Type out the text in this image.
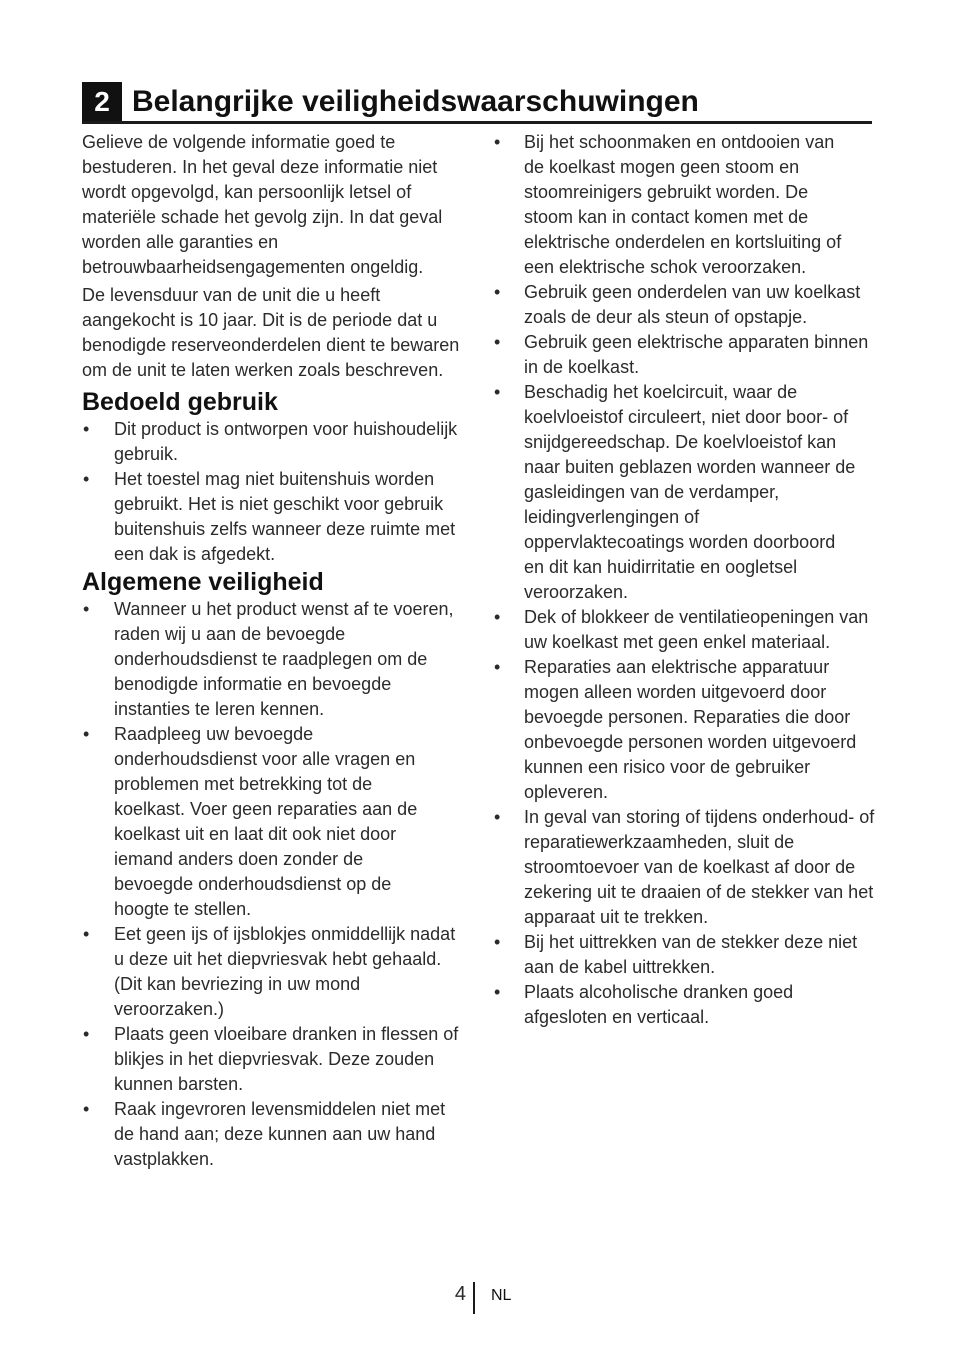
2 Belangrijke veiligheidswaarschuwingen

Gelieve de volgende informatie goed te bestuderen. In het geval deze informatie niet wordt opgevolgd, kan persoonlijk letsel of materiële schade het gevolg zijn. In dat geval worden alle garanties en betrouwbaarheidsengagementen ongeldig.

De levensduur van de unit die u heeft aangekocht is 10 jaar. Dit is de periode dat u benodigde reserveonderdelen dient te bewaren om de unit te laten werken zoals beschreven.

Bedoeld gebruik
• Dit product is ontworpen voor huishoudelijk gebruik.
• Het toestel mag niet buitenshuis worden gebruikt. Het is niet geschikt voor gebruik buitenshuis zelfs wanneer deze ruimte met een dak is afgedekt.
Algemene veiligheid
• Wanneer u het product wenst af te voeren, raden wij u aan de bevoegde onderhoudsdienst te raadplegen om de benodigde informatie en bevoegde instanties te leren kennen.
• Raadpleeg uw bevoegde onderhoudsdienst voor alle vragen en problemen met betrekking tot de koelkast. Voer geen reparaties aan de koelkast uit en laat dit ook niet door iemand anders doen zonder de bevoegde onderhoudsdienst op de hoogte te stellen.
• Eet geen ijs of ijsblokjes onmiddellijk nadat u deze uit het diepvriesvak hebt gehaald. (Dit kan bevriezing in uw mond veroorzaken.)
• Plaats geen vloeibare dranken in flessen of blikjes in het diepvriesvak. Deze zouden kunnen barsten.
• Raak ingevroren levensmiddelen niet met de hand aan; deze kunnen aan uw hand vastplakken.
• Bij het schoonmaken en ontdooien van de koelkast mogen geen stoom en stoomreinigers gebruikt worden. De stoom kan in contact komen met de elektrische onderdelen en kortsluiting of een elektrische schok veroorzaken.
• Gebruik geen onderdelen van uw koelkast zoals de deur als steun of opstapje.
• Gebruik geen elektrische apparaten binnen in de koelkast.
• Beschadig het koelcircuit, waar de koelvloeistof circuleert, niet door boor- of snijdgereedschap. De koelvloeistof kan naar buiten geblazen worden wanneer de gasleidingen van de verdamper, leidingverlengingen of oppervlaktecoatings worden doorboord en dit kan huidirritatie en oogletsel veroorzaken.
• Dek of blokkeer de ventilatieopeningen van uw koelkast met geen enkel materiaal.
• Reparaties aan elektrische apparatuur mogen alleen worden uitgevoerd door bevoegde personen. Reparaties die door onbevoegde personen worden uitgevoerd kunnen een risico voor de gebruiker opleveren.
• In geval van storing of tijdens onderhoud- of reparatiewerkzaamheden, sluit de stroomtoevoer van de koelkast af door de zekering uit te draaien of de stekker van het apparaat uit te trekken.
• Bij het uittrekken van de stekker deze niet aan de kabel uittrekken.
• Plaats alcoholische dranken goed afgesloten en verticaal.
4 NL
